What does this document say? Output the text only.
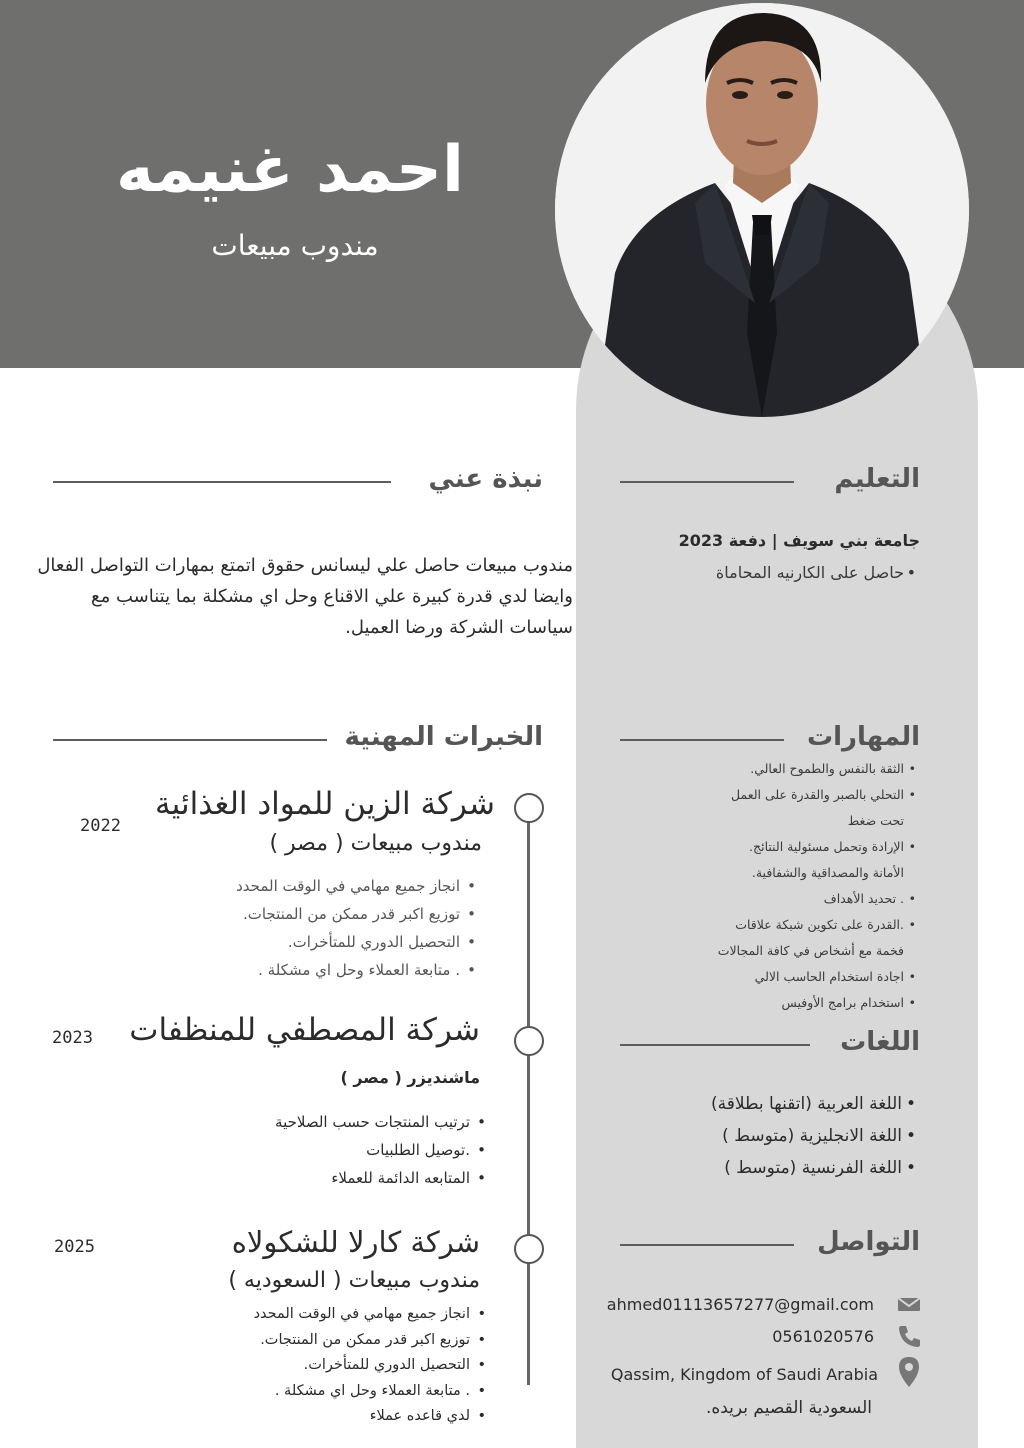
احمد غنيمه
مندوب مبيعات
التعليم
جامعة بني سويف | دفعة 2023
•
حاصل على الكارنيه المحاماة
نبذة عني

مندوب مبيعات حاصل علي ليسانس حقوق اتمتع بمهارات التواصل الفعال وايضا لدي قدرة كبيرة علي الاقناع وحل اي مشكلة بما يتناسب مع سياسات الشركة ورضا العميل.

المهارات
•
الثقة بالنفس والطموح العالي.
•
التحلي بالصبر والقدرة على العمل
تحت ضغط
•
الإرادة وتحمل مسئولية النتائج.
الأمانة والمصداقية والشفافية.
•
. تحديد الأهداف
•
.القدرة على تكوين شبكة علاقات
فخمة مع أشخاص في كافة المجالات
•
اجادة استخدام الحاسب الالي
•
استخدام برامج الأوفيس
اللغات
•
اللغة العربية (اتقنها بطلاقة)
•
اللغة الانجليزية (متوسط )
•
اللغة الفرنسية (متوسط )
التواصل
ahmed01113657277@gmail.com
0561020576
Qassim, Kingdom of Saudi Arabia
السعودية القصيم بريده.
الخبرات المهنية
شركة الزين للمواد الغذائية
مندوب مبيعات ( مصر )
2022
•
انجاز جميع مهامي في الوقت المحدد
•
توزيع اكبر قدر ممكن من المنتجات.
•
التحصيل الدوري للمتأخرات.
•
. متابعة العملاء وحل اي مشكلة .
شركة المصطفي للمنظفات
ماشنديزر ( مصر )
2023
•
ترتيب المنتجات حسب الصلاحية
•
.توصيل الطلبيات
•
المتابعه الدائمة للعملاء
شركة كارلا للشكولاه
مندوب مبيعات ( السعوديه )
2025
•
انجاز جميع مهامي في الوقت المحدد
•
توزيع اكبر قدر ممكن من المنتجات.
•
التحصيل الدوري للمتأخرات.
•
. متابعة العملاء وحل اي مشكلة .
•
لدي قاعده عملاء
